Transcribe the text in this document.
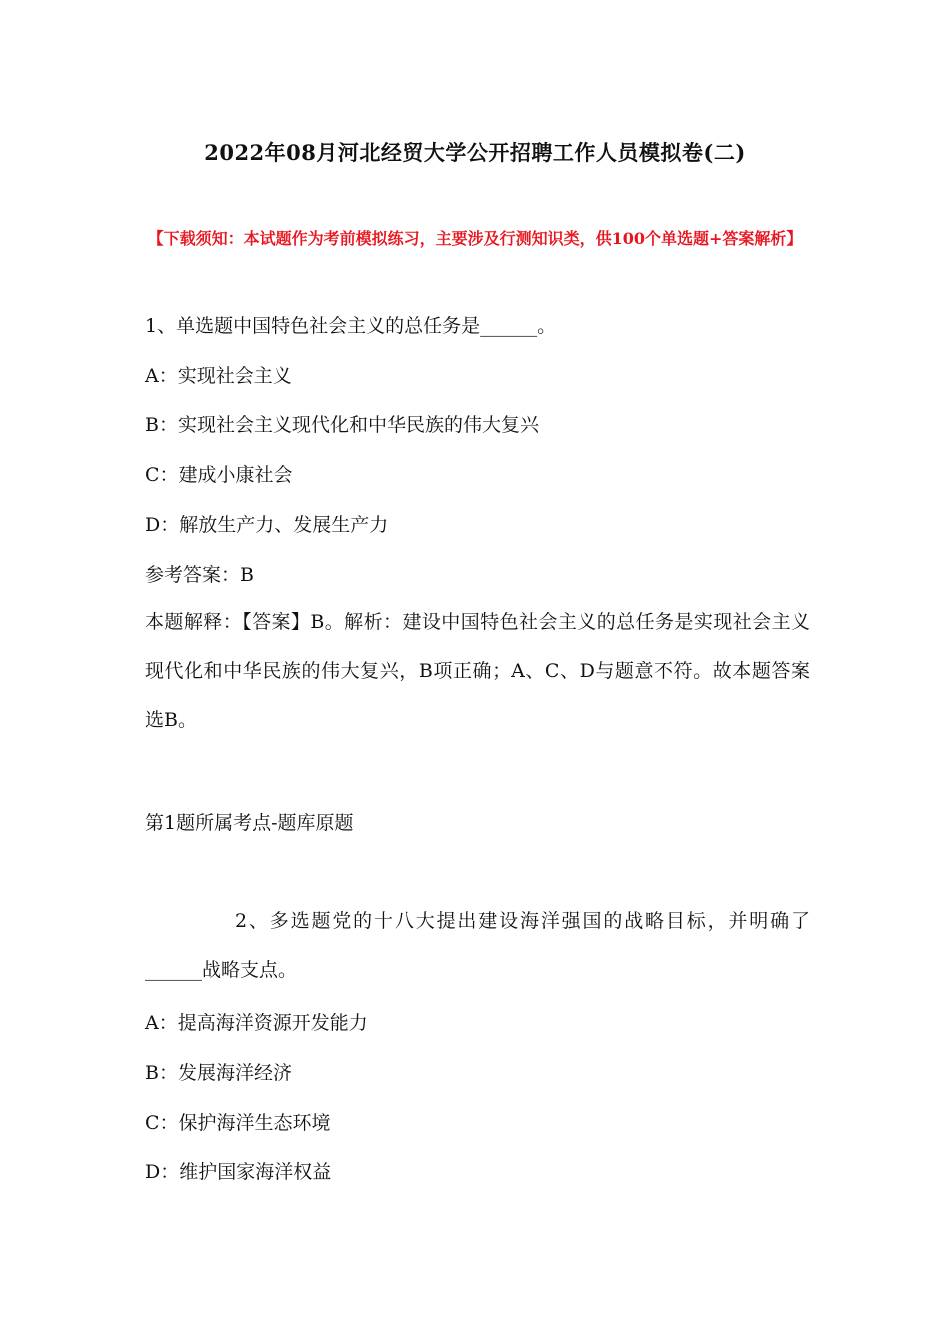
2022年08月河北经贸大学公开招聘工作人员模拟卷(二)
【下载须知：本试题作为考前模拟练习，主要涉及行测知识类，供100个单选题+答案解析】
1、单选题中国特色社会主义的总任务是______。
A：实现社会主义
B：实现社会主义现代化和中华民族的伟大复兴
C：建成小康社会
D：解放生产力、发展生产力
参考答案：B
本题解释：【答案】B。解析：建设中国特色社会主义的总任务是实现社会主义现代化和中华民族的伟大复兴，B项正确；A、C、D与题意不符。故本题答案选B。
第1题所属考点-题库原题
2、多选题党的十八大提出建设海洋强国的战略目标，并明确了______战略支点。
A：提高海洋资源开发能力
B：发展海洋经济
C：保护海洋生态环境
D：维护国家海洋权益
